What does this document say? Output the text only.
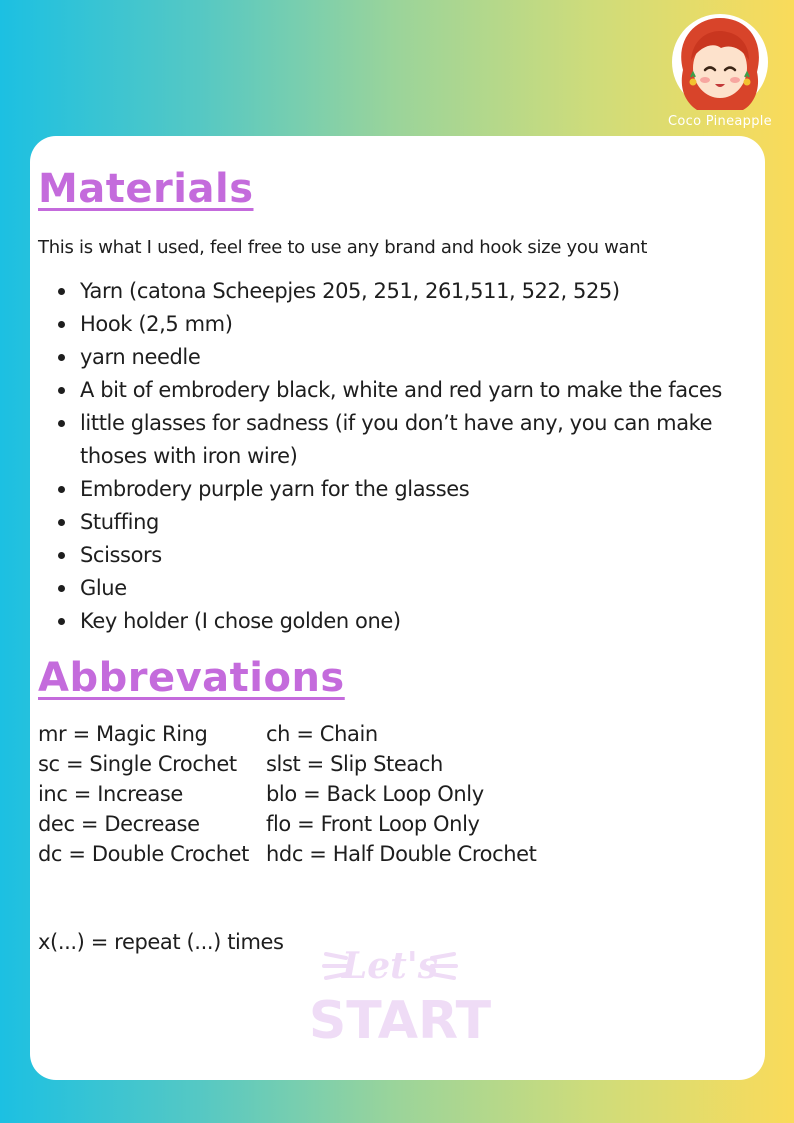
Coco Pineapple
Materials

This is what I used, feel free to use any brand and hook size you want

Yarn (catona Scheepjes 205, 251, 261,511, 522, 525)
Hook (2,5 mm)
yarn needle
A bit of embrodery black, white and red yarn to make the faces
little glasses for sadness (if you don’t have any, you can make thoses with iron wire)
Embrodery purple yarn for the glasses
Stuffing
Scissors
Glue
Key holder (I chose golden one)
Abbrevations
mr = Magic Ring
sc = Single Crochet
inc = Increase
dec = Decrease
dc = Double Crochet
ch = Chain
slst = Slip Steach
blo = Back Loop Only
flo = Front Loop Only
hdc = Half Double Crochet

x(...) = repeat (...) times

Let's
START
